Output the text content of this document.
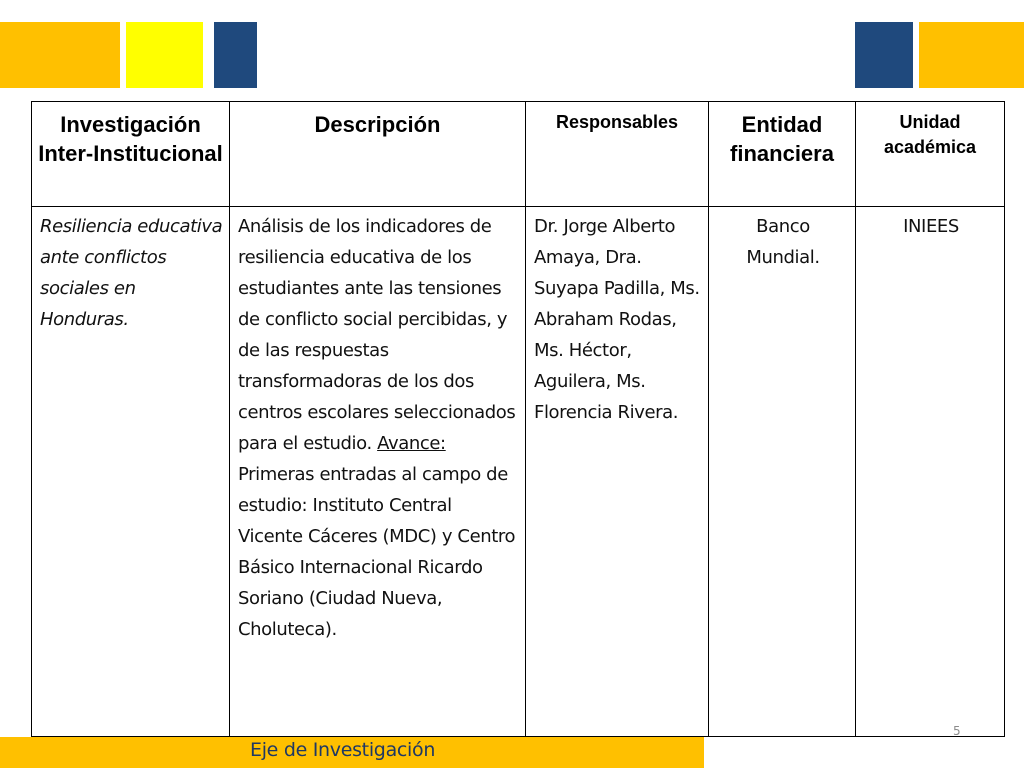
Investigación Inter-Institucional	Descripción	Responsables	Entidad financiera	Unidad académica
Resiliencia educativa ante conflictos sociales en Honduras.	Análisis de los indicadores de resiliencia educativa de los estudiantes ante las tensiones de conflicto social percibidas, y de las respuestas transformadoras de los dos centros escolares seleccionados para el estudio. Avance: Primeras entradas al campo de estudio: Instituto Central Vicente Cáceres (MDC) y Centro Básico Internacional Ricardo Soriano (Ciudad Nueva, Choluteca).	Dr. Jorge Alberto Amaya, Dra. Suyapa Padilla, Ms. Abraham Rodas, Ms. Héctor, Aguilera, Ms. Florencia Rivera.	Banco Mundial.	INIEES
5
Eje de Investigación
